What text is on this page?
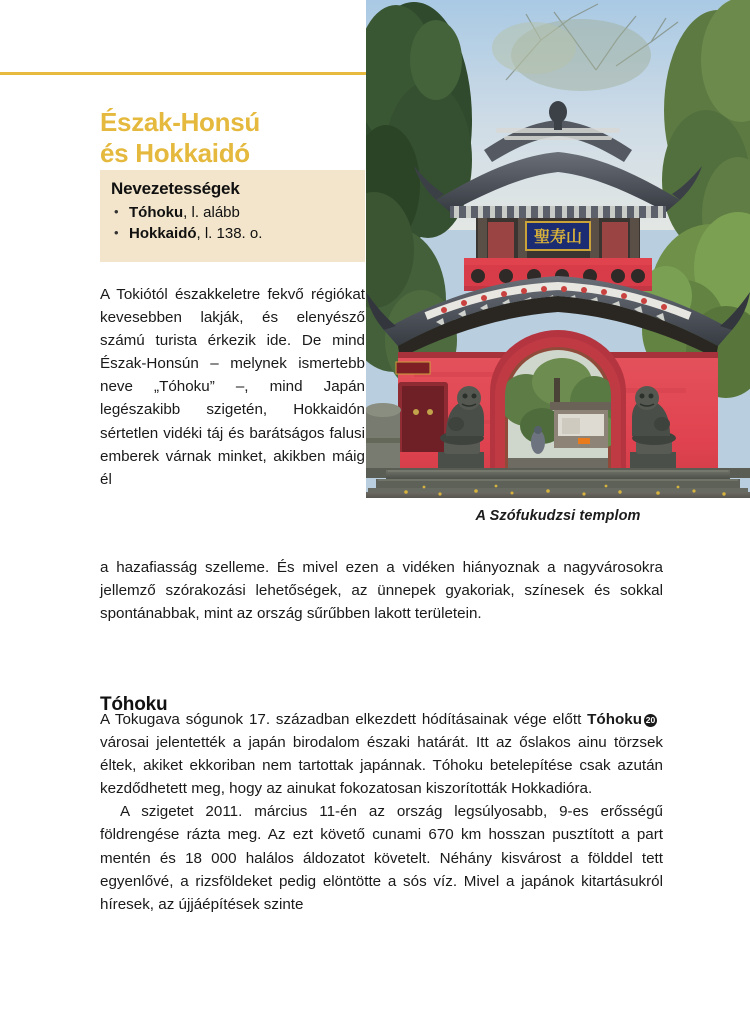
聖寿山
A Szófukudzsi templom
Észak-Honsú
és Hokkaidó
Nevezetességek
• Tóhoku, l. alább
• Hokkaidó, l. 138. o.

A Tokiótól északkeletre fekvő régiókat kevesebben lakják, és elenyésző számú turista érkezik ide. De mind Észak-Honsún – melynek ismertebb neve „Tóhoku” –, mind Japán legészakibb szigetén, Hokkaidón sértetlen vidéki táj és barátságos falusi emberek várnak minket, akikben máig él

a hazafiasság szelleme. És mivel ezen a vidéken hiányoznak a nagyvárosokra jellemző szórakozási lehetőségek, az ünnepek gyakoriak, színesek és sokkal spontánabbak, mint az ország sűrűbben lakott területein.

Tóhoku

A Tokugava sógunok 17. században elkezdett hódításainak vége előtt Tóhoku 20 városai jelentették a japán birodalom északi határát. Itt az őslakos ainu törzsek éltek, akiket ekkoriban nem tartottak japánnak. Tóhoku betelepítése csak azután kezdődhetett meg, hogy az ainukat fokozatosan kiszorították Hokkadióra.

A szigetet 2011. március 11-én az ország legsúlyosabb, 9-es erősségű földrengése rázta meg. Az ezt követő cunami 670 km hosszan pusztított a part mentén és 18 000 halálos áldozatot követelt. Néhány kisvárost a földdel tett egyenlővé, a rizsföldeket pedig elöntötte a sós víz. Mivel a japánok kitartásukról híresek, az újjáépítések szinte
